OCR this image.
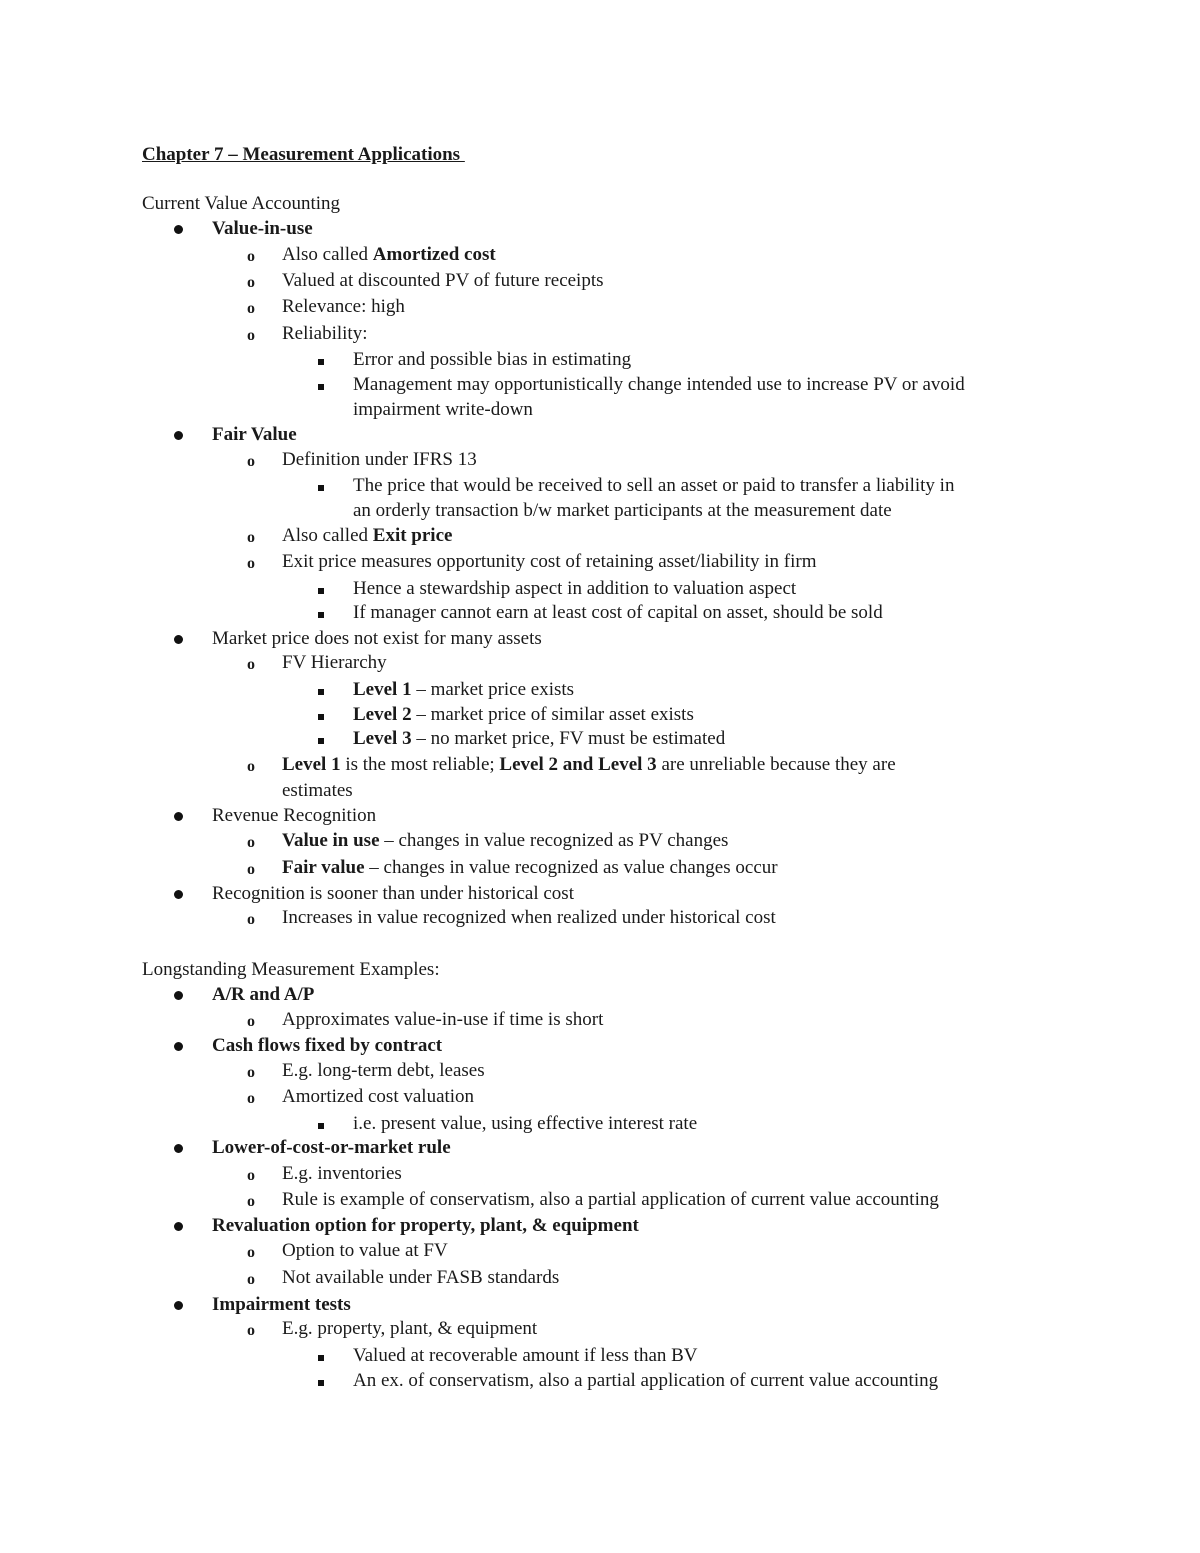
Chapter 7 – Measurement Applications
Current Value Accounting
Value-in-use
o	Also called Amortized cost
o	Valued at discounted PV of future receipts
o	Relevance: high
o	Reliability:
Error and possible bias in estimating
Management may opportunistically change intended use to increase PV or avoid
impairment write-down
Fair Value
o	Definition under IFRS 13
The price that would be received to sell an asset or paid to transfer a liability in
an orderly transaction b/w market participants at the measurement date
o	Also called Exit price
o	Exit price measures opportunity cost of retaining asset/liability in firm
Hence a stewardship aspect in addition to valuation aspect
If manager cannot earn at least cost of capital on asset, should be sold
Market price does not exist for many assets
o	FV Hierarchy
Level 1 – market price exists
Level 2 – market price of similar asset exists
Level 3 – no market price, FV must be estimated
o	Level 1 is the most reliable; Level 2 and Level 3 are unreliable because they are
estimates
Revenue Recognition
o	Value in use – changes in value recognized as PV changes
o	Fair value – changes in value recognized as value changes occur
Recognition is sooner than under historical cost
o	Increases in value recognized when realized under historical cost
Longstanding Measurement Examples:
A/R and A/P
o	Approximates value-in-use if time is short
Cash flows fixed by contract
o	E.g. long-term debt, leases
o	Amortized cost valuation
i.e. present value, using effective interest rate
Lower-of-cost-or-market rule
o	E.g. inventories
o	Rule is example of conservatism, also a partial application of current value accounting
Revaluation option for property, plant, & equipment
o	Option to value at FV
o	Not available under FASB standards
Impairment tests
o	E.g. property, plant, & equipment
Valued at recoverable amount if less than BV
An ex. of conservatism, also a partial application of current value accounting
